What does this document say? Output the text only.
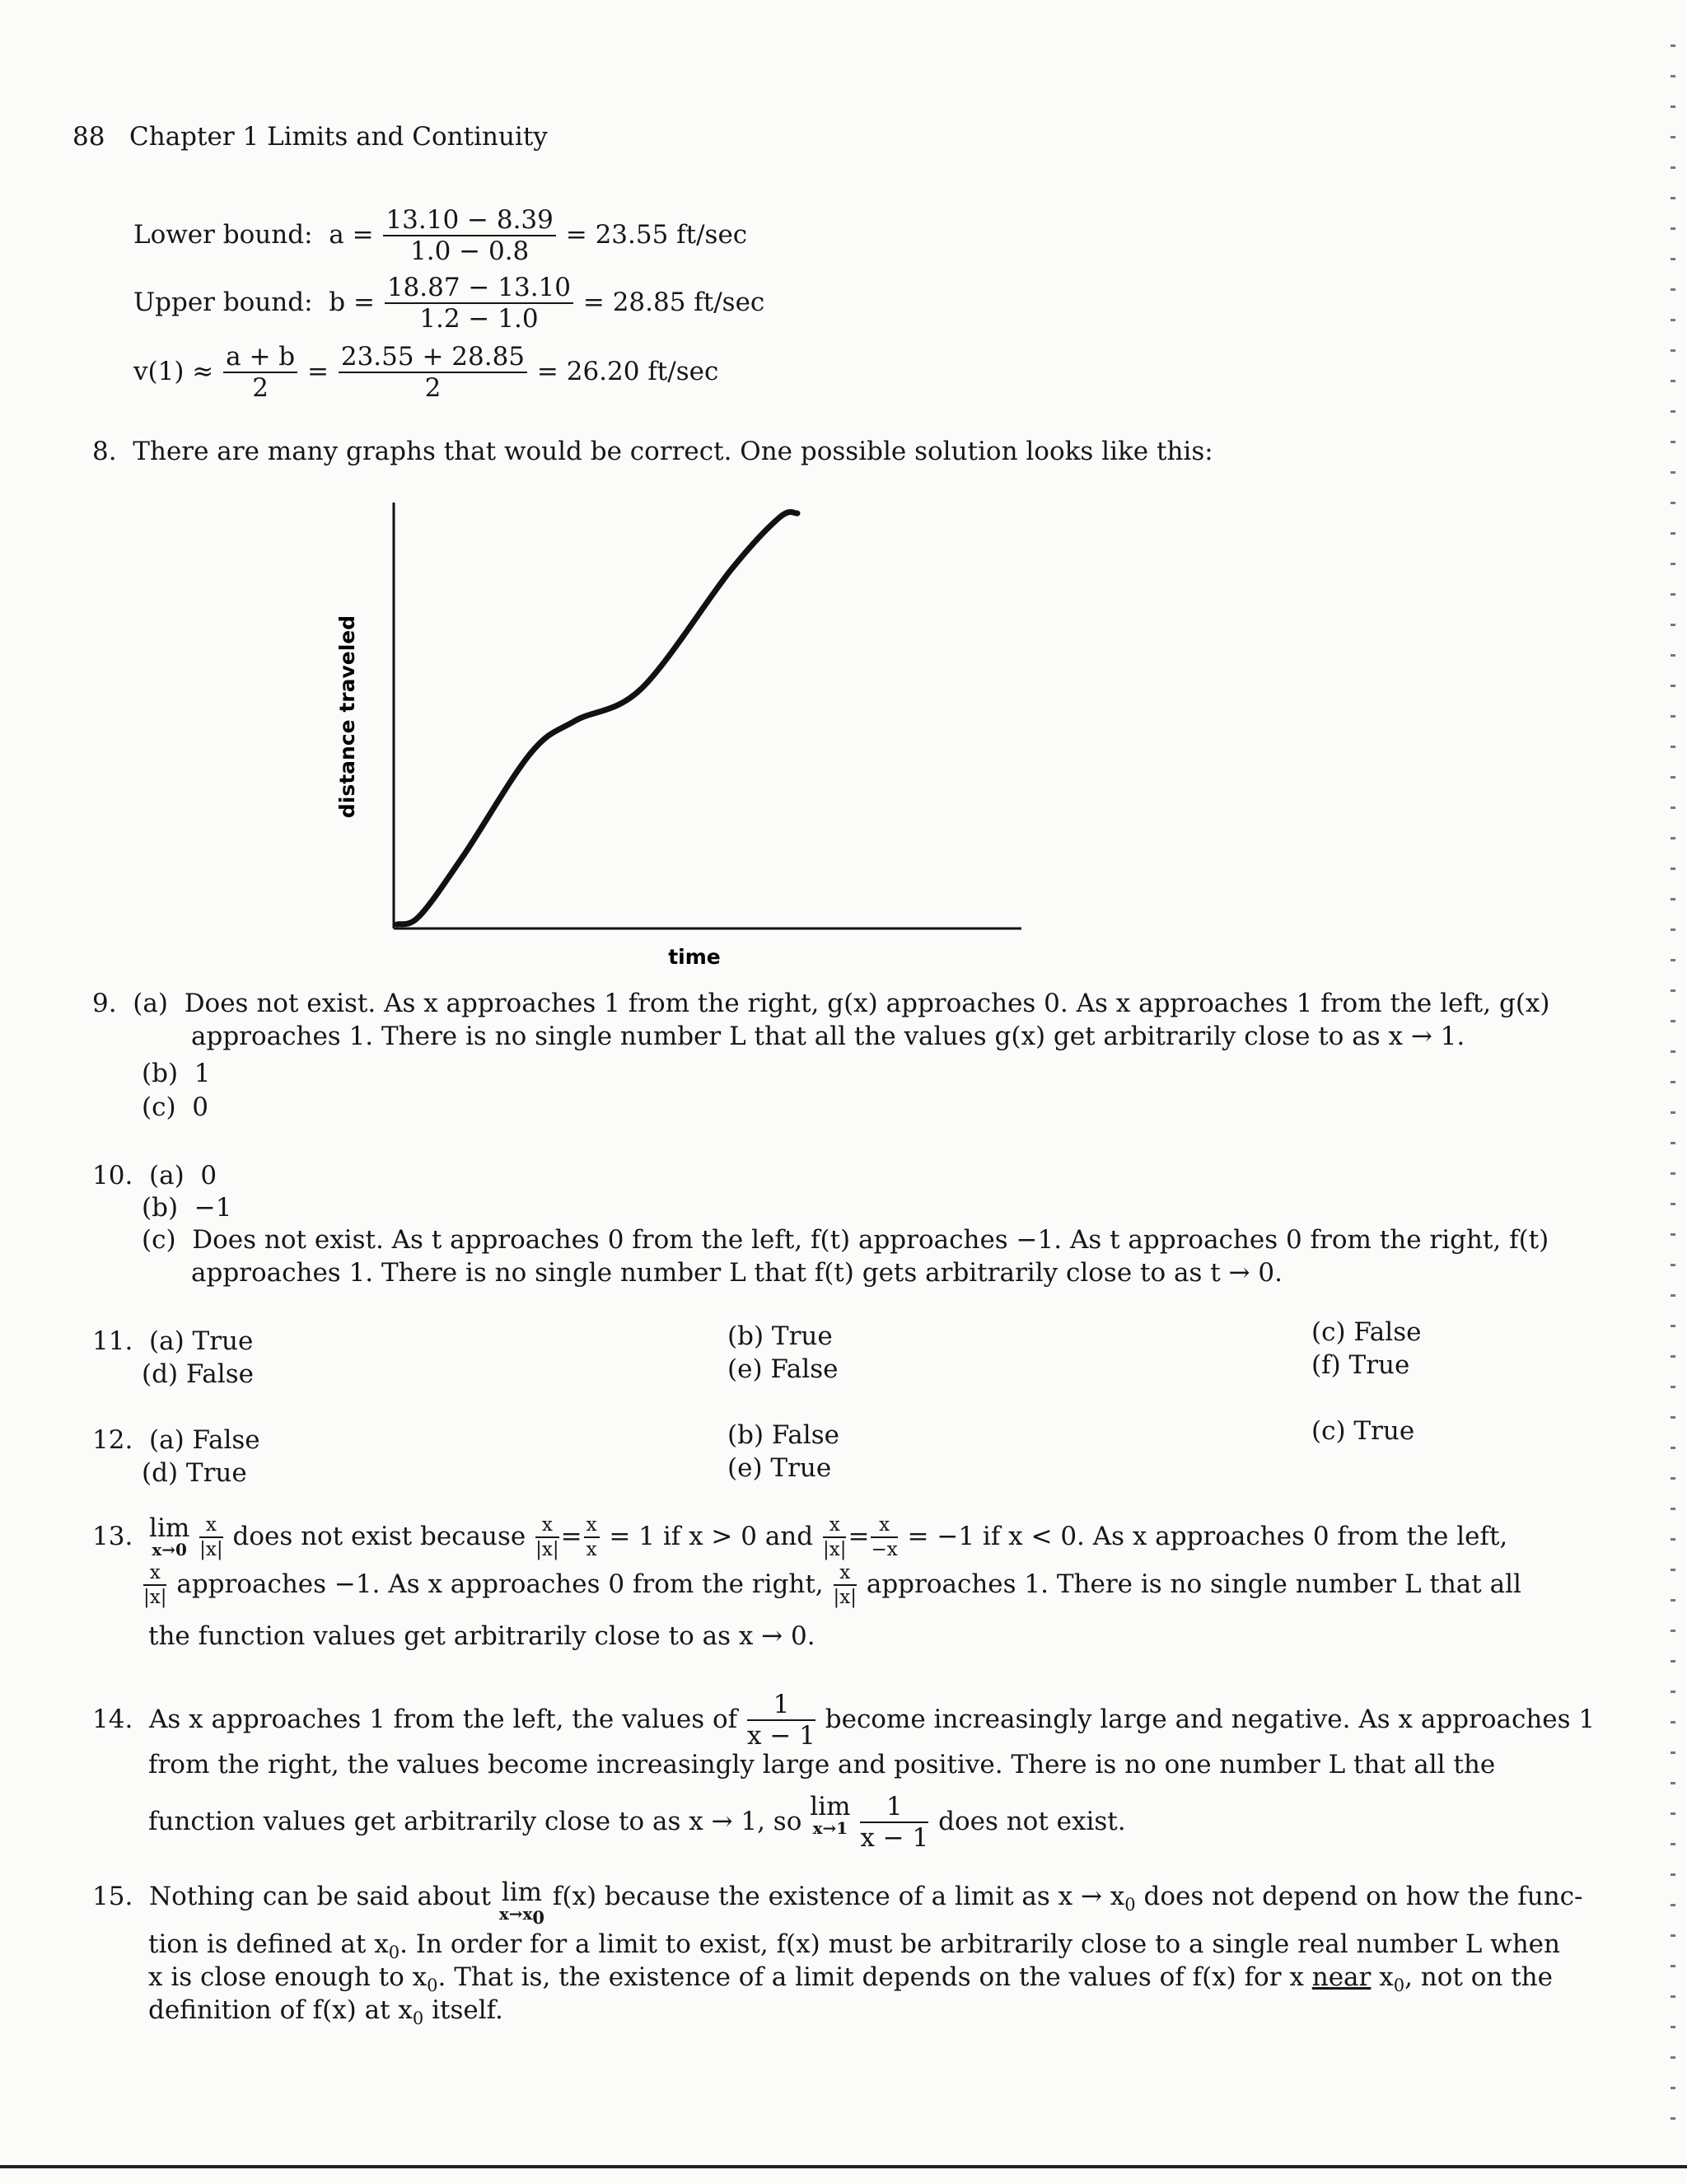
88 Chapter 1 Limits and Continuity
Lower bound: $a = \frac{13.10 - 8.39}{1.0 - 0.8} = 23.55$ ft/sec
Upper bound: $b = \frac{18.87 - 13.10}{1.2 - 1.0} = 28.85$ ft/sec
$v(1) \approx \frac{a + b}{2} = \frac{23.55 + 28.85}{2} = 26.20$ ft/sec
8. There are many graphs that would be correct. One possible solution looks like this:
time
distance traveled
9. (a) Does not exist. As x approaches 1 from the right, g(x) approaches 0. As x approaches 1 from the left, g(x)
approaches 1. There is no single number L that all the values g(x) get arbitrarily close to as x → 1.
(b) 1
(c) 0
10. (a) 0
(b) −1
(c) Does not exist. As t approaches 0 from the left, f(t) approaches −1. As t approaches 0 from the right, f(t)
approaches 1. There is no single number L that f(t) gets arbitrarily close to as t → 0.
11. (a) True
(d) False
(b) True
(e) False
(c) False
(f) True
12. (a) False
(d) True
(b) False
(e) True
(c) True
13. lim
x→0
$\frac{x}{|x|}$ does not exist because $\frac{x}{|x|} = \frac{x}{x} = 1$ if x > 0 and $\frac{x}{|x|} = \frac{x}{-x} = -1$ if x < 0. As x approaches 0 from the left,
$\frac{x}{|x|}$ approaches −1. As x approaches 0 from the right, $\frac{x}{|x|}$ approaches 1. There is no single number L that all
the function values get arbitrarily close to as x → 0.
14. As x approaches 1 from the left, the values of $\frac{1}{x - 1}$ become increasingly large and negative. As x approaches 1
from the right, the values become increasingly large and positive. There is no one number L that all the
function values get arbitrarily close to as x → 1, so lim
x→1
$\frac{1}{x - 1}$ does not exist.
15. Nothing can be said about lim
$x\to x_0$
f(x) because the existence of a limit as $x \to x_0$ does not depend on how the func-
tion is defined at $x_0$. In order for a limit to exist, f(x) must be arbitrarily close to a single real number L when
x is close enough to $x_0$. That is, the existence of a limit depends on the values of f(x) for x near $x_0$, not on the
definition of f(x) at $x_0$ itself.
